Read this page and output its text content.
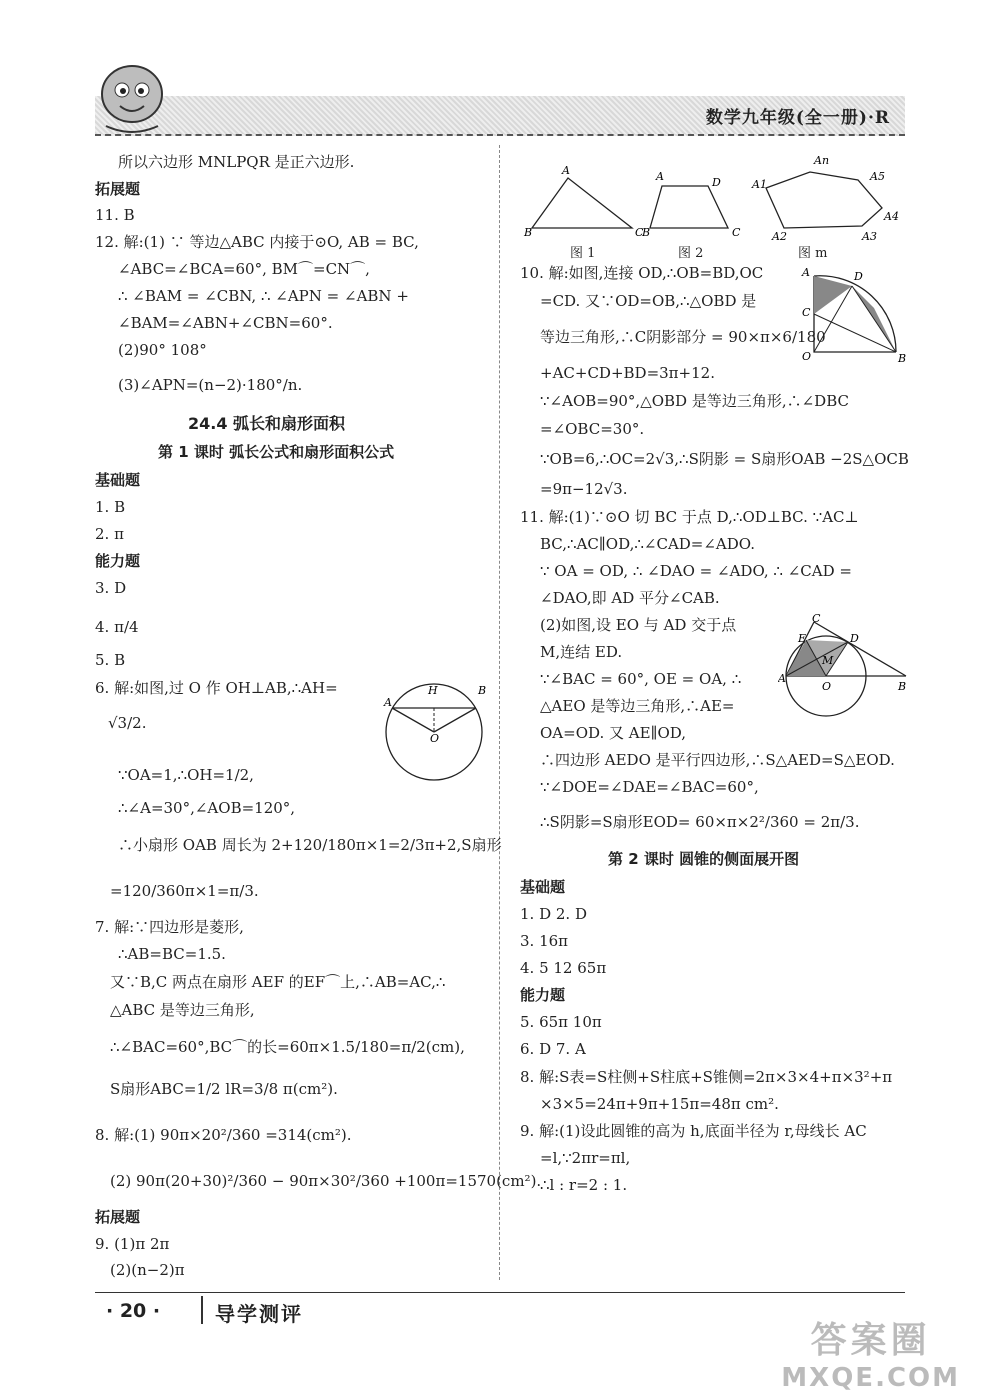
数学九年级(全一册)·R
所以六边形 MNLPQR 是正六边形.
拓展题
11. B
12. 解:(1) ∵ 等边△ABC 内接于⊙O, AB = BC,
∠ABC=∠BCA=60°, BM⌒=CN⌒,
∴ ∠BAM = ∠CBN, ∴ ∠APN = ∠ABN +
∠BAM=∠ABN+∠CBN=60°.
(2)90° 108°
(3)∠APN=(n−2)·180°/n.
24.4 弧长和扇形面积
第 1 课时 弧长公式和扇形面积公式
基础题
1. B
2. π
能力题
3. D
4. π/4
5. B
6. 解:如图,过 O 作 OH⊥AB,∴AH=
√3/2.
∵OA=1,∴OH=1/2,
∴∠A=30°,∠AOB=120°,
∴小扇形 OAB 周长为 2+120/180π×1=2/3π+2,S扇形
=120/360π×1=π/3.
7. 解:∵四边形是菱形,
∴AB=BC=1.5.
又∵B,C 两点在扇形 AEF 的EF⌒上,∴AB=AC,∴
△ABC 是等边三角形,
∴∠BAC=60°,BC⌒的长=60π×1.5/180=π/2(cm),
S扇形ABC=1/2 lR=3/8 π(cm²).
8. 解:(1) 90π×20²/360 =314(cm²).
(2) 90π(20+30)²/360 − 90π×30²/360 +100π=1570(cm²).
拓展题
9. (1)π 2π
(2)(n−2)π
H
A
B
O
A
B	C
A	D
B	C
An
A1
A2	A3
A4
A5
图 1	图 2	图 m
A	D
C
O	B
C
E	D
M
A
O	B
10. 解:如图,连接 OD,∴OB=BD,OC
=CD. 又∵OD=OB,∴△OBD 是
等边三角形,∴C阴影部分 = 90×π×6/180
+AC+CD+BD=3π+12.
∵∠AOB=90°,△OBD 是等边三角形,∴∠DBC
=∠OBC=30°.
∵OB=6,∴OC=2√3,∴S阴影 = S扇形OAB −2S△OCB
=9π−12√3.
11. 解:(1)∵⊙O 切 BC 于点 D,∴OD⊥BC. ∵AC⊥
BC,∴AC∥OD,∴∠CAD=∠ADO.
∵ OA = OD, ∴ ∠DAO = ∠ADO, ∴ ∠CAD =
∠DAO,即 AD 平分∠CAB.
(2)如图,设 EO 与 AD 交于点
M,连结 ED.
∵∠BAC = 60°, OE = OA, ∴
△AEO 是等边三角形,∴AE=
OA=OD. 又 AE∥OD,
∴四边形 AEDO 是平行四边形,∴S△AED=S△EOD.
∵∠DOE=∠DAE=∠BAC=60°,
∴S阴影=S扇形EOD= 60×π×2²/360 = 2π/3.
第 2 课时 圆锥的侧面展开图
基础题
1. D 2. D
3. 16π
4. 5 12 65π
能力题
5. 65π 10π
6. D 7. A
8. 解:S表=S柱侧+S柱底+S锥侧=2π×3×4+π×3²+π
×3×5=24π+9π+15π=48π cm².
9. 解:(1)设此圆锥的高为 h,底面半径为 r,母线长 AC
=l,∵2πr=πl,
∴l : r=2 : 1.
· 20 ·	导学测评
答案圈
MXQE.COM
